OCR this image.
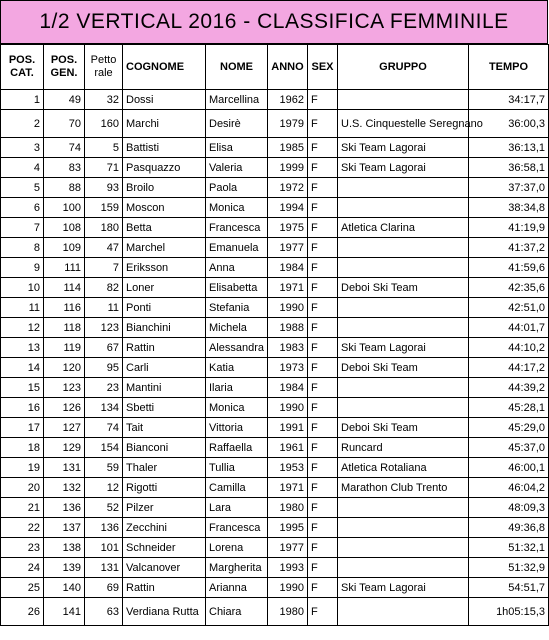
1/2 VERTICAL 2016 - CLASSIFICA FEMMINILE
POS. CAT.	POS. GEN.	Petto rale	COGNOME	NOME	ANNO	SEX	GRUPPO	TEMPO
1	49	32	Dossi	Marcellina	1962	F		34:17,7
2	70	160	Marchi	Desirè	1979	F	U.S. Cinquestelle Seregnano	36:00,3
3	74	5	Battisti	Elisa	1985	F	Ski Team Lagorai	36:13,1
4	83	71	Pasquazzo	Valeria	1999	F	Ski Team Lagorai	36:58,1
5	88	93	Broilo	Paola	1972	F		37:37,0
6	100	159	Moscon	Monica	1994	F		38:34,8
7	108	180	Betta	Francesca	1975	F	Atletica Clarina	41:19,9
8	109	47	Marchel	Emanuela	1977	F		41:37,2
9	111	7	Eriksson	Anna	1984	F		41:59,6
10	114	82	Loner	Elisabetta	1971	F	Deboi Ski Team	42:35,6
11	116	11	Ponti	Stefania	1990	F		42:51,0
12	118	123	Bianchini	Michela	1988	F		44:01,7
13	119	67	Rattin	Alessandra	1983	F	Ski Team Lagorai	44:10,2
14	120	95	Carli	Katia	1973	F	Deboi Ski Team	44:17,2
15	123	23	Mantini	Ilaria	1984	F		44:39,2
16	126	134	Sbetti	Monica	1990	F		45:28,1
17	127	74	Tait	Vittoria	1991	F	Deboi Ski Team	45:29,0
18	129	154	Bianconi	Raffaella	1961	F	Runcard	45:37,0
19	131	59	Thaler	Tullia	1953	F	Atletica Rotaliana	46:00,1
20	132	12	Rigotti	Camilla	1971	F	Marathon Club Trento	46:04,2
21	136	52	Pilzer	Lara	1980	F		48:09,3
22	137	136	Zecchini	Francesca	1995	F		49:36,8
23	138	101	Schneider	Lorena	1977	F		51:32,1
24	139	131	Valcanover	Margherita	1993	F		51:32,9
25	140	69	Rattin	Arianna	1990	F	Ski Team Lagorai	54:51,7
26	141	63	Verdiana Rutta	Chiara	1980	F		1h05:15,3
